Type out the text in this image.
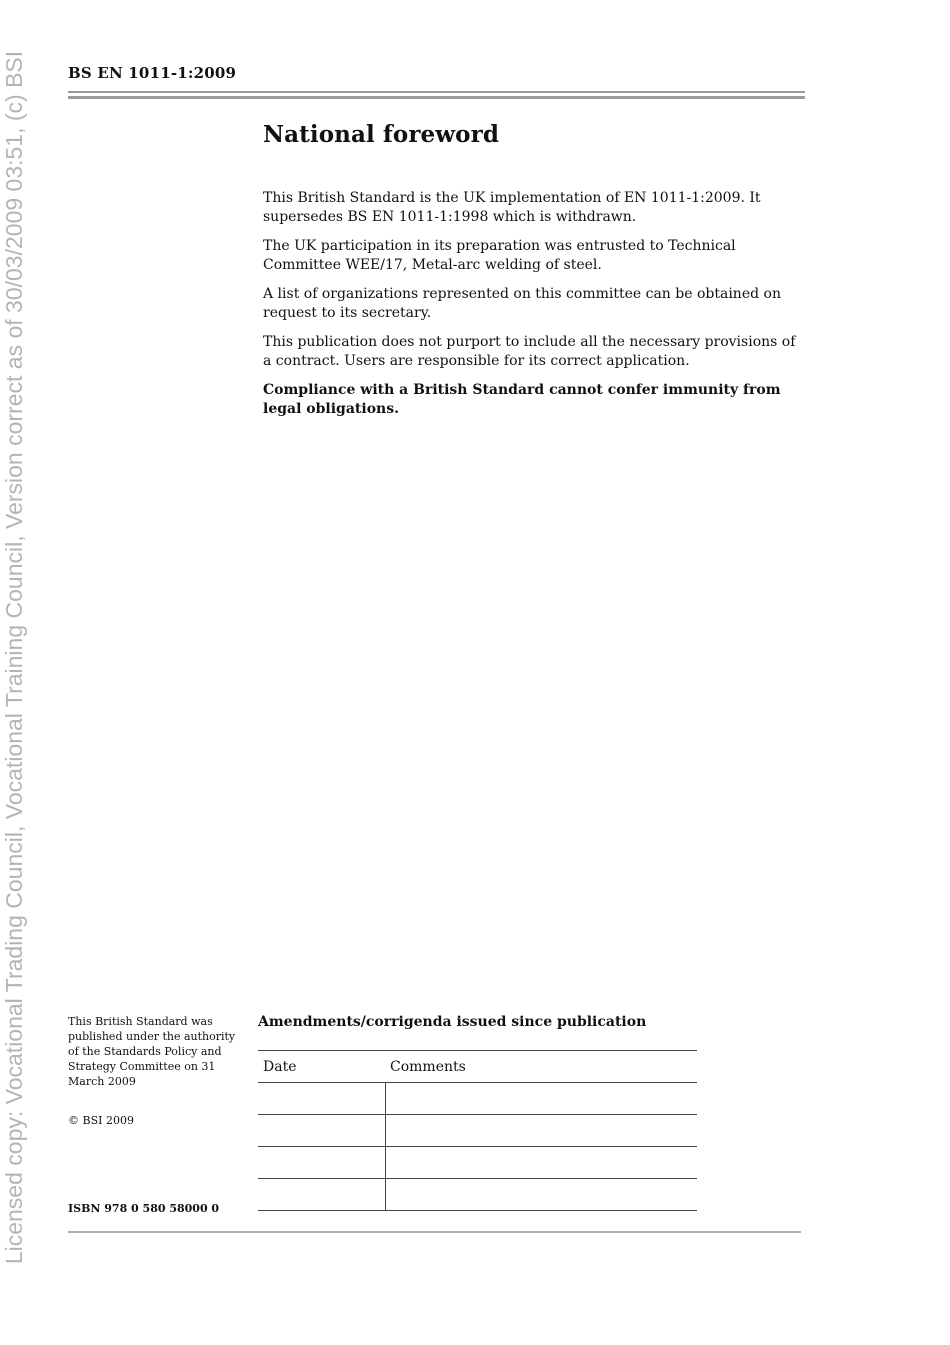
Licensed copy: Vocational Trading Council, Vocational Training Council, Version correct as of 30/03/2009 03:51, (c) BSI	BS EN 1011-1:2009
National foreword

This British Standard is the UK implementation of EN 1011-1:2009. It supersedes BS EN 1011-1:1998 which is withdrawn.

The UK participation in its preparation was entrusted to Technical Committee WEE/17, Metal-arc welding of steel.

A list of organizations represented on this committee can be obtained on request to its secretary.

This publication does not purport to include all the necessary provisions of a contract. Users are responsible for its correct application.

Compliance with a British Standard cannot confer immunity from legal obligations.

This British Standard was published under the authority of the Standards Policy and Strategy Committee on 31 March 2009

© BSI 2009
ISBN 978 0 580 58000 0
Amendments/corrigenda issued since publication
Date	Comments
